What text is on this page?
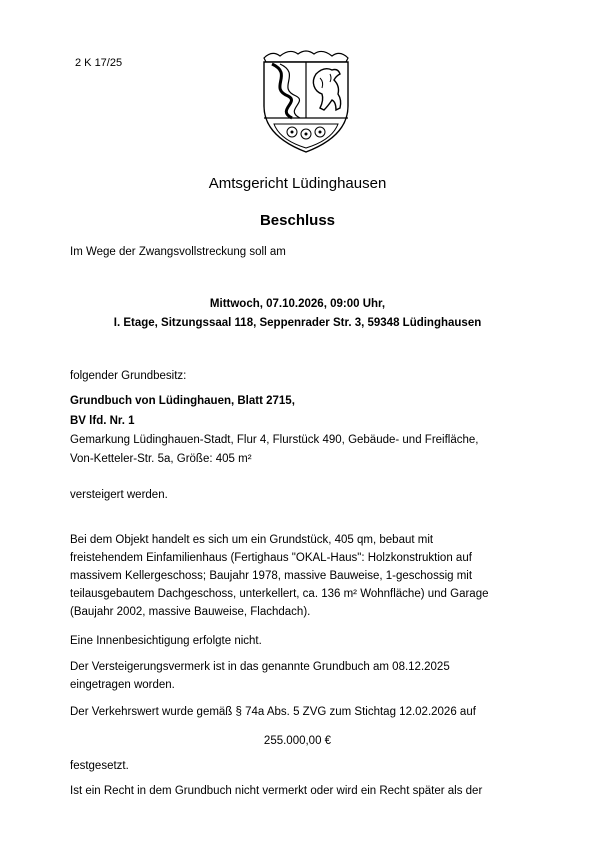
2 K 17/25
Amtsgericht Lüdinghausen
Beschluss
Im Wege der Zwangsvollstreckung soll am
Mittwoch, 07.10.2026, 09:00 Uhr,
I. Etage, Sitzungssaal 118, Seppenrader Str. 3, 59348 Lüdinghausen
folgender Grundbesitz:
Grundbuch von Lüdinghauen, Blatt 2715,
BV lfd. Nr. 1
Gemarkung Lüdinghauen-Stadt, Flur 4, Flurstück 490, Gebäude- und Freifläche,
Von-Ketteler-Str. 5a, Größe: 405 m²
versteigert werden.
Bei dem Objekt handelt es sich um ein Grundstück, 405 qm, bebaut mit
freistehendem Einfamilienhaus (Fertighaus "OKAL-Haus": Holzkonstruktion auf
massivem Kellergeschoss; Baujahr 1978, massive Bauweise, 1-geschossig mit
teilausgebautem Dachgeschoss, unterkellert, ca. 136 m² Wohnfläche) und Garage
(Baujahr 2002, massive Bauweise, Flachdach).
Eine Innenbesichtigung erfolgte nicht.
Der Versteigerungsvermerk ist in das genannte Grundbuch am 08.12.2025
eingetragen worden.
Der Verkehrswert wurde gemäß § 74a Abs. 5 ZVG zum Stichtag 12.02.2026 auf
255.000,00 €
festgesetzt.
Ist ein Recht in dem Grundbuch nicht vermerkt oder wird ein Recht später als der
